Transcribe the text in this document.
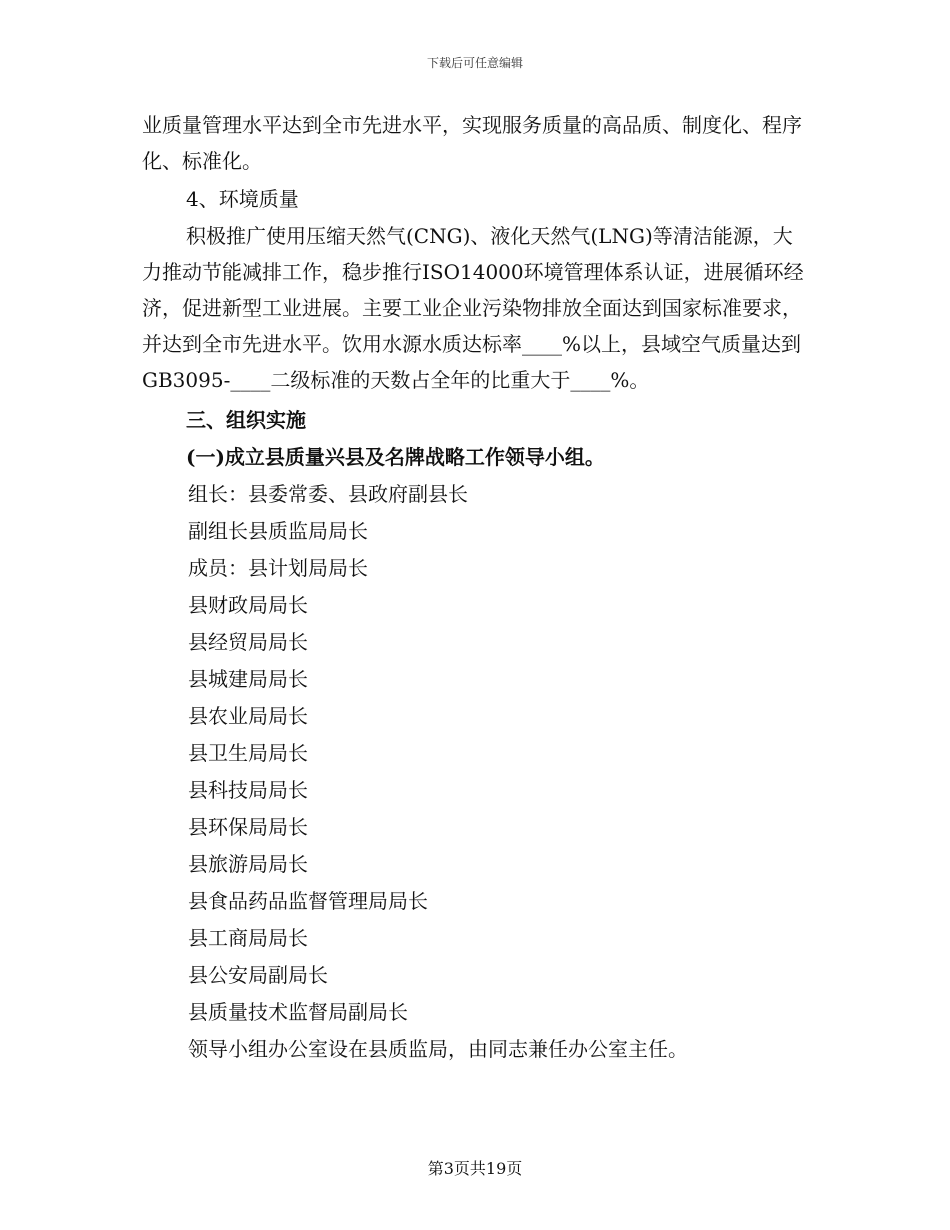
下载后可任意编辑

业质量管理水平达到全市先进水平，实现服务质量的高品质、制度化、程序化、标准化。

4、环境质量

积极推广使用压缩天然气(CNG)、液化天然气(LNG)等清洁能源，大力推动节能减排工作，稳步推行ISO14000环境管理体系认证，进展循环经济，促进新型工业进展。主要工业企业污染物排放全面达到国家标准要求，并达到全市先进水平。饮用水源水质达标率____%以上，县域空气质量达到GB3095-____二级标准的天数占全年的比重大于____%。

三、组织实施

(一)成立县质量兴县及名牌战略工作领导小组。

组长：县委常委、县政府副县长

副组长县质监局局长

成员：县计划局局长

县财政局局长

县经贸局局长

县城建局局长

县农业局局长

县卫生局局长

县科技局局长

县环保局局长

县旅游局局长

县食品药品监督管理局局长

县工商局局长

县公安局副局长

县质量技术监督局副局长

领导小组办公室设在县质监局，由同志兼任办公室主任。

第3页共19页
